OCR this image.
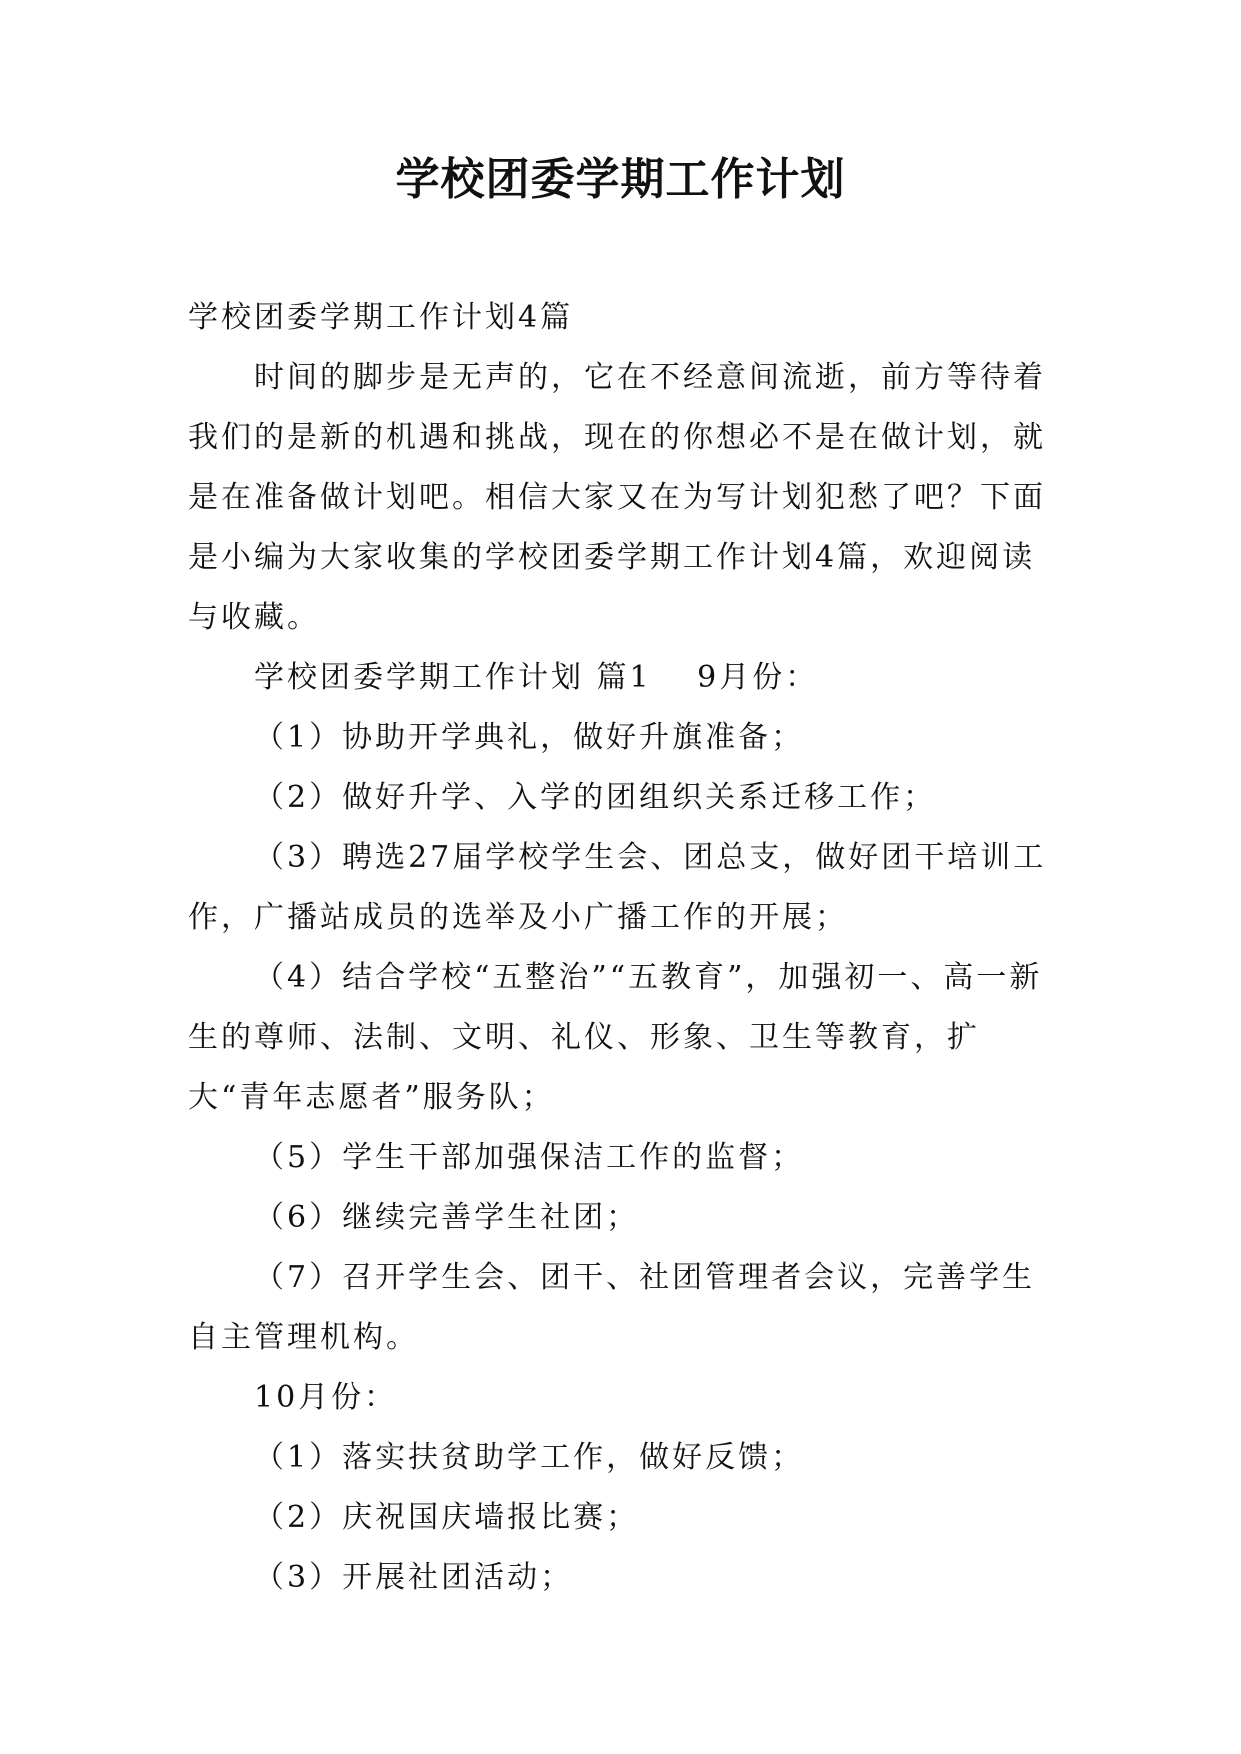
学校团委学期工作计划

学校团委学期工作计划4篇

时间的脚步是无声的，它在不经意间流逝，前方等待着我们的是新的机遇和挑战，现在的你想必不是在做计划，就是在准备做计划吧。相信大家又在为写计划犯愁了吧？下面是小编为大家收集的学校团委学期工作计划4篇，欢迎阅读与收藏。

学校团委学期工作计划 篇1 　9月份：

（1）协助开学典礼，做好升旗准备；

（2）做好升学、入学的团组织关系迁移工作；

（3）聘选27届学校学生会、团总支，做好团干培训工作，广播站成员的选举及小广播工作的开展；

（4）结合学校“五整治”“五教育”，加强初一、高一新生的尊师、法制、文明、礼仪、形象、卫生等教育，扩大“青年志愿者”服务队；

（5）学生干部加强保洁工作的监督；

（6）继续完善学生社团；

（7）召开学生会、团干、社团管理者会议，完善学生自主管理机构。

10月份：

（1）落实扶贫助学工作，做好反馈；

（2）庆祝国庆墙报比赛；

（3）开展社团活动；
